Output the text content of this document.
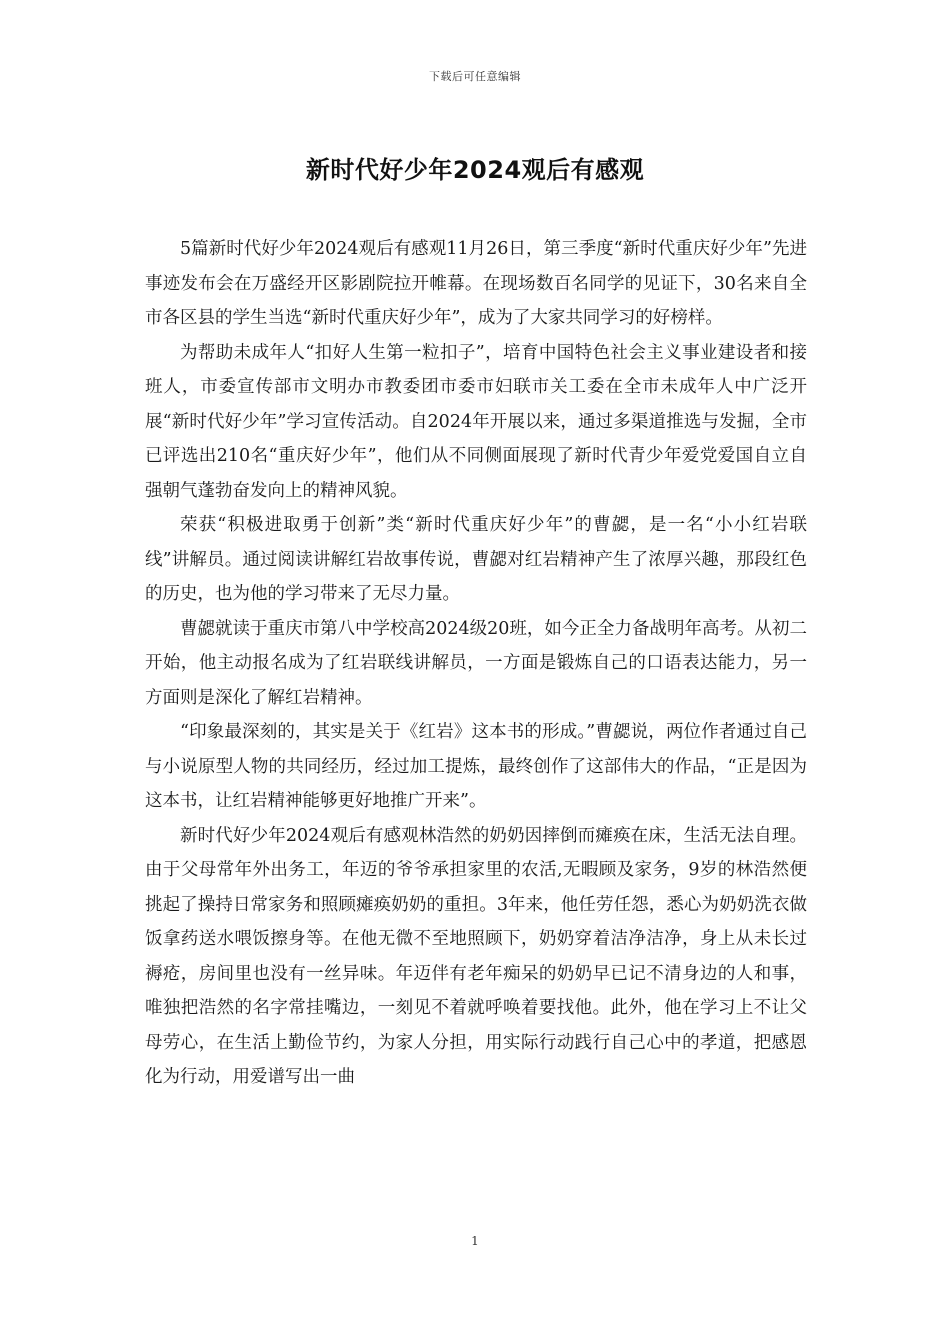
下载后可任意编辑
新时代好少年2024观后有感观

5篇新时代好少年2024观后有感观11月26日，第三季度“新时代重庆好少年”先进事迹发布会在万盛经开区影剧院拉开帷幕。在现场数百名同学的见证下，30名来自全市各区县的学生当选“新时代重庆好少年”，成为了大家共同学习的好榜样。

为帮助未成年人“扣好人生第一粒扣子”，培育中国特色社会主义事业建设者和接班人，市委宣传部市文明办市教委团市委市妇联市关工委在全市未成年人中广泛开展“新时代好少年”学习宣传活动。自2024年开展以来，通过多渠道推选与发掘，全市已评选出210名“重庆好少年”，他们从不同侧面展现了新时代青少年爱党爱国自立自强朝气蓬勃奋发向上的精神风貌。

荣获“积极进取勇于创新”类“新时代重庆好少年”的曹勰，是一名“小小红岩联线”讲解员。通过阅读讲解红岩故事传说，曹勰对红岩精神产生了浓厚兴趣，那段红色的历史，也为他的学习带来了无尽力量。

曹勰就读于重庆市第八中学校高2024级20班，如今正全力备战明年高考。从初二开始，他主动报名成为了红岩联线讲解员，一方面是锻炼自己的口语表达能力，另一方面则是深化了解红岩精神。

“印象最深刻的，其实是关于《红岩》这本书的形成。”曹勰说，两位作者通过自己与小说原型人物的共同经历，经过加工提炼，最终创作了这部伟大的作品，“正是因为这本书，让红岩精神能够更好地推广开来”。

新时代好少年2024观后有感观林浩然的奶奶因摔倒而瘫痪在床，生活无法自理。由于父母常年外出务工，年迈的爷爷承担家里的农活,无暇顾及家务，9岁的林浩然便挑起了操持日常家务和照顾瘫痪奶奶的重担。3年来，他任劳任怨，悉心为奶奶洗衣做饭拿药送水喂饭擦身等。在他无微不至地照顾下，奶奶穿着洁净洁净，身上从未长过褥疮，房间里也没有一丝异味。年迈伴有老年痴呆的奶奶早已记不清身边的人和事，唯独把浩然的名字常挂嘴边，一刻见不着就呼唤着要找他。此外，他在学习上不让父母劳心，在生活上勤俭节约，为家人分担，用实际行动践行自己心中的孝道，把感恩化为行动，用爱谱写出一曲

1
